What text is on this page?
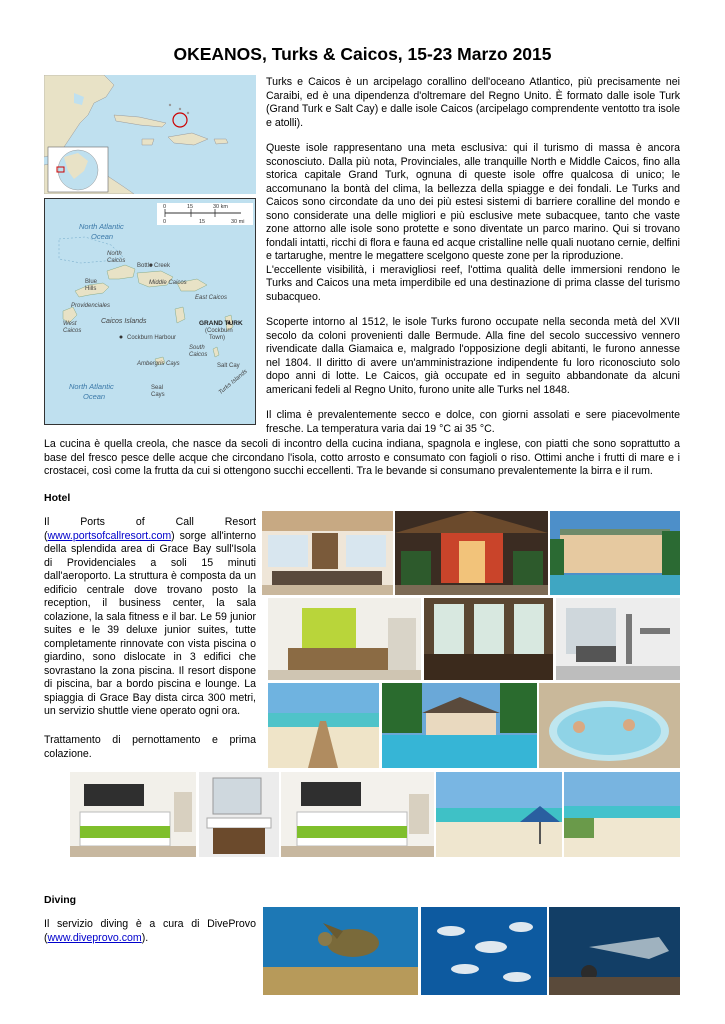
OKEANOS, Turks & Caicos, 15-23 Marzo 2015
0	15	30 km
0	15	30 mi
North Atlantic Ocean
North Caicos
Bottle Creek
Middle Caicos
Blue Hills
East Caicos
Providenciales
Caicos Islands
West Caicos
GRAND TURK
(Cockburn Town)
Cockburn Harbour
South Caicos
Ambergris Cays	Salt Cay
Turks Islands
North Atlantic Ocean
Seal Cays

Turks e Caicos è un arcipelago corallino dell'oceano Atlantico, più precisamente nei Caraibi, ed è una dipendenza d'oltremare del Regno Unito. È formato dalle isole Turk (Grand Turk e Salt Cay) e dalle isole Caicos (arcipelago comprendente ventotto tra isole e atolli).

Queste isole rappresentano una meta esclusiva: qui il turismo di massa è ancora sconosciuto. Dalla più nota, Provinciales, alle tranquille North e Middle Caicos, fino alla storica capitale Grand Turk, ognuna di queste isole offre qualcosa di unico; le accomunano la bontà del clima, la bellezza della spiagge e dei fondali. Le Turks and Caicos sono circondate da uno dei più estesi sistemi di barriere coralline del mondo e sono considerate una delle migliori e più esclusive mete subacquee, tanto che vaste zone attorno alle isole sono protette e sono diventate un parco marino. Qui si trovano fondali intatti, ricchi di flora e fauna ed acque cristalline nelle quali nuotano cernie, delfini e tartarughe, mentre le megattere scelgono queste zone per la riproduzione.
L'eccellente visibilità, i meravigliosi reef, l'ottima qualità delle immersioni rendono le Turks and Caicos una meta imperdibile ed una destinazione di prima classe del turismo subacqueo.

Scoperte intorno al 1512, le isole Turks furono occupate nella seconda metà del XVII secolo da coloni provenienti dalle Bermude. Alla fine del secolo successivo vennero rivendicate dalla Giamaica e, malgrado l'opposizione degli abitanti, le furono annesse nel 1804. Il diritto di avere un'amministrazione indipendente fu loro riconosciuto solo dopo anni di lotte. Le Caicos, già occupate ed in seguito abbandonate da alcuni americani fedeli al Regno Unito, furono unite alle Turks nel 1848.

Il clima è prevalentemente secco e dolce, con giorni assolati e sere piacevolmente fresche. La temperatura varia dai 19 °C ai 35 °C.

La cucina è quella creola, che nasce da secoli di incontro della cucina indiana, spagnola e inglese, con piatti che sono soprattutto a base del fresco pesce delle acque che circondano l'isola, cotto arrosto e consumato con fagioli o riso. Ottimi anche i frutti di mare e i crostacei, così come la frutta da cui si ottengono succhi eccellenti. Tra le bevande si consumano prevalentemente la birra e il rum.

Hotel

Il Ports of Call Resort (www.portsofcallresort.com) sorge all'interno della splendida area di Grace Bay sull'Isola di Providenciales a soli 15 minuti dall'aeroporto. La struttura è composta da un edificio centrale dove trovano posto la reception, il business center, la sala colazione, la sala fitness e il bar. Le 59 junior suites e le 39 deluxe junior suites, tutte completamente rinnovate con vista piscina o giardino, sono dislocate in 3 edifici che sovrastano la zona piscina. Il resort dispone di piscina, bar a bordo piscina e lounge. La spiaggia di Grace Bay dista circa 300 metri, un servizio shuttle viene operato ogni ora.

Trattamento di pernottamento e prima colazione.

Diving

Il servizio diving è a cura di DiveProvo (www.diveprovo.com).
